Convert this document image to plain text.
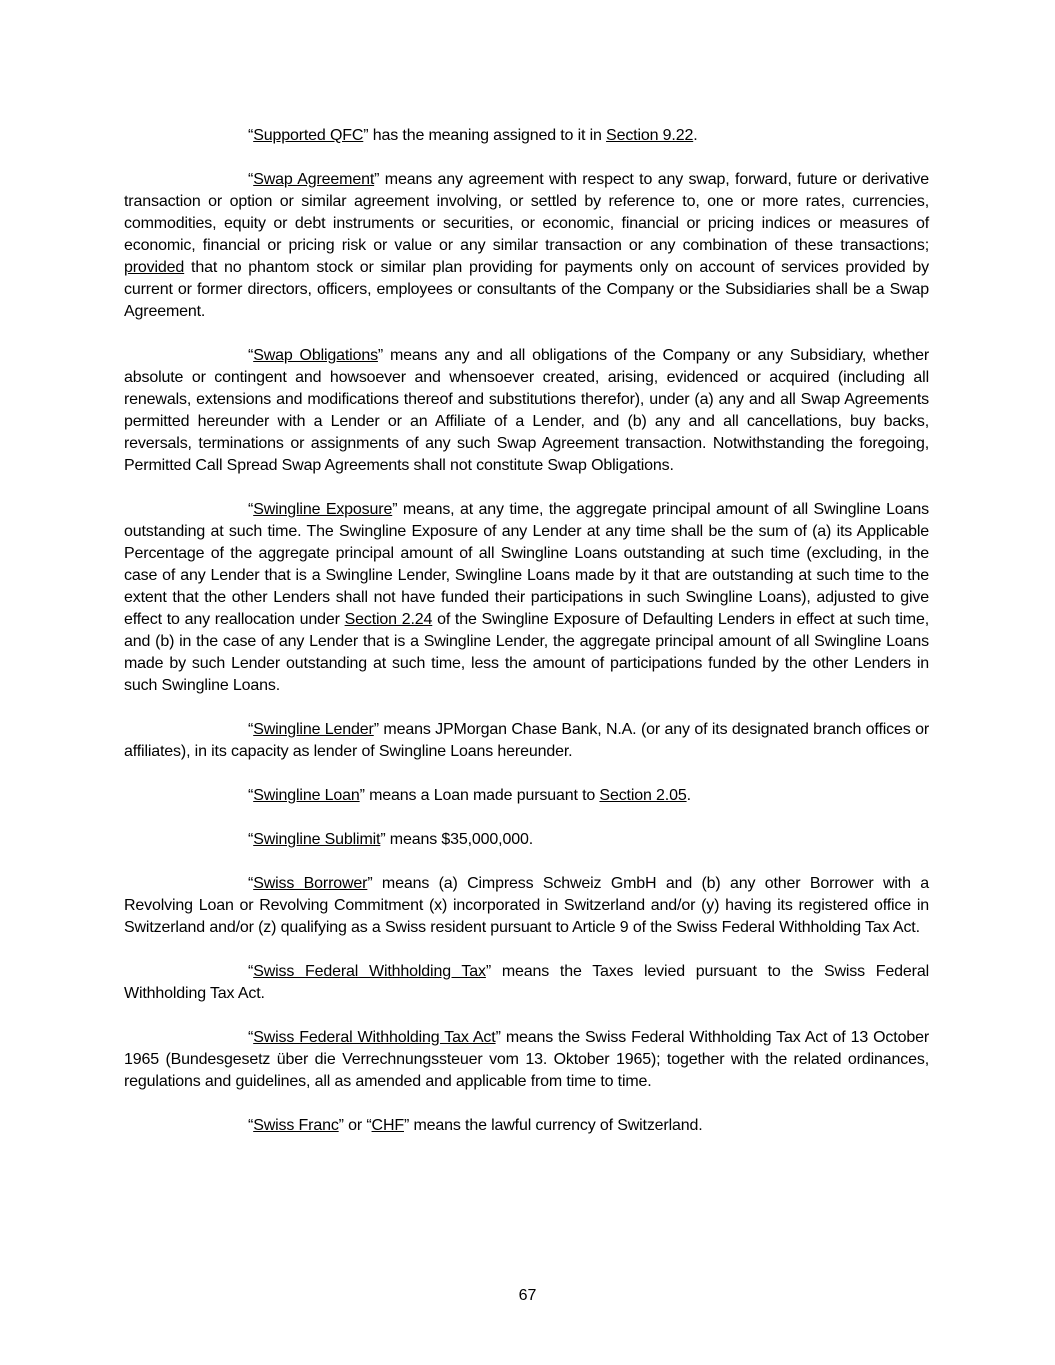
“Supported QFC” has the meaning assigned to it in Section 9.22.

“Swap Agreement” means any agreement with respect to any swap, forward, future or derivative transaction or option or similar agreement involving, or settled by reference to, one or more rates, currencies, commodities, equity or debt instruments or securities, or economic, financial or pricing indices or measures of economic, financial or pricing risk or value or any similar transaction or any combination of these transactions; provided that no phantom stock or similar plan providing for payments only on account of services provided by current or former directors, officers, employees or consultants of the Company or the Subsidiaries shall be a Swap Agreement.

“Swap Obligations” means any and all obligations of the Company or any Subsidiary, whether absolute or contingent and howsoever and whensoever created, arising, evidenced or acquired (including all renewals, extensions and modifications thereof and substitutions therefor), under (a) any and all Swap Agreements permitted hereunder with a Lender or an Affiliate of a Lender, and (b) any and all cancellations, buy backs, reversals, terminations or assignments of any such Swap Agreement transaction. Notwithstanding the foregoing, Permitted Call Spread Swap Agreements shall not constitute Swap Obligations.

“Swingline Exposure” means, at any time, the aggregate principal amount of all Swingline Loans outstanding at such time. The Swingline Exposure of any Lender at any time shall be the sum of (a) its Applicable Percentage of the aggregate principal amount of all Swingline Loans outstanding at such time (excluding, in the case of any Lender that is a Swingline Lender, Swingline Loans made by it that are outstanding at such time to the extent that the other Lenders shall not have funded their participations in such Swingline Loans), adjusted to give effect to any reallocation under Section 2.24 of the Swingline Exposure of Defaulting Lenders in effect at such time, and (b) in the case of any Lender that is a Swingline Lender, the aggregate principal amount of all Swingline Loans made by such Lender outstanding at such time, less the amount of participations funded by the other Lenders in such Swingline Loans.

“Swingline Lender” means JPMorgan Chase Bank, N.A. (or any of its designated branch offices or affiliates), in its capacity as lender of Swingline Loans hereunder.

“Swingline Loan” means a Loan made pursuant to Section 2.05.

“Swingline Sublimit” means $35,000,000.

“Swiss Borrower” means (a) Cimpress Schweiz GmbH and (b) any other Borrower with a Revolving Loan or Revolving Commitment (x) incorporated in Switzerland and/or (y) having its registered office in Switzerland and/or (z) qualifying as a Swiss resident pursuant to Article 9 of the Swiss Federal Withholding Tax Act.

“Swiss Federal Withholding Tax” means the Taxes levied pursuant to the Swiss Federal Withholding Tax Act.

“Swiss Federal Withholding Tax Act” means the Swiss Federal Withholding Tax Act of 13 October 1965 (Bundesgesetz über die Verrechnungssteuer vom 13. Oktober 1965); together with the related ordinances, regulations and guidelines, all as amended and applicable from time to time.

“Swiss Franc” or “CHF” means the lawful currency of Switzerland.

67
